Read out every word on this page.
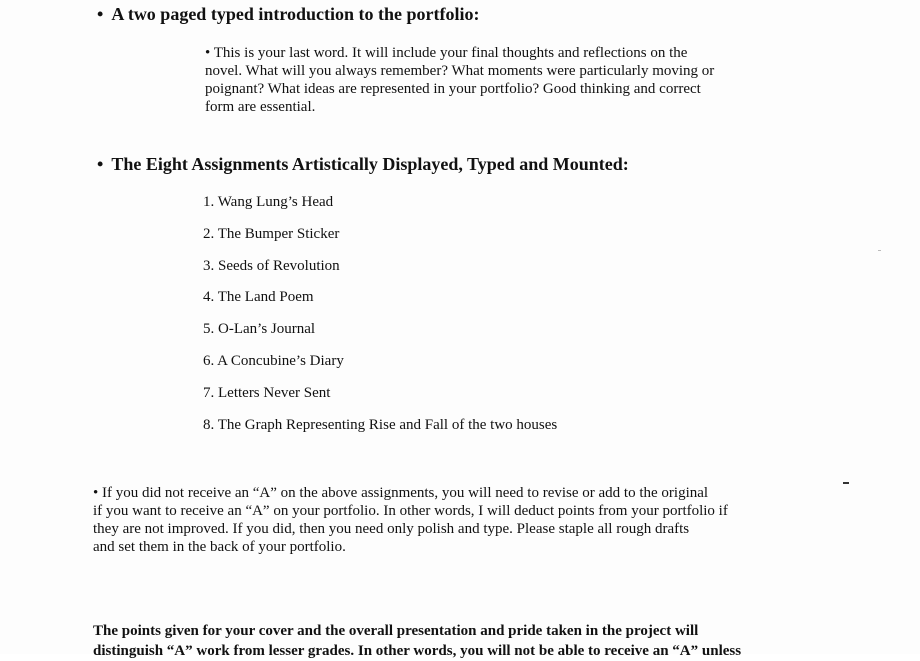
• A two paged typed introduction to the portfolio:
• This is your last word. It will include your final thoughts and reflections on the
novel. What will you always remember? What moments were particularly moving or
poignant? What ideas are represented in your portfolio? Good thinking and correct
form are essential.
• The Eight Assignments Artistically Displayed, Typed and Mounted:
1. Wang Lung’s Head
2. The Bumper Sticker
3. Seeds of Revolution
4. The Land Poem
5. O-Lan’s Journal
6. A Concubine’s Diary
7. Letters Never Sent
8. The Graph Representing Rise and Fall of the two houses
• If you did not receive an “A” on the above assignments, you will need to revise or add to the original
if you want to receive an “A” on your portfolio. In other words, I will deduct points from your portfolio if
they are not improved. If you did, then you need only polish and type. Please staple all rough drafts
and set them in the back of your portfolio.
The points given for your cover and the overall presentation and pride taken in the project will
distinguish “A” work from lesser grades. In other words, you will not be able to receive an “A” unless
